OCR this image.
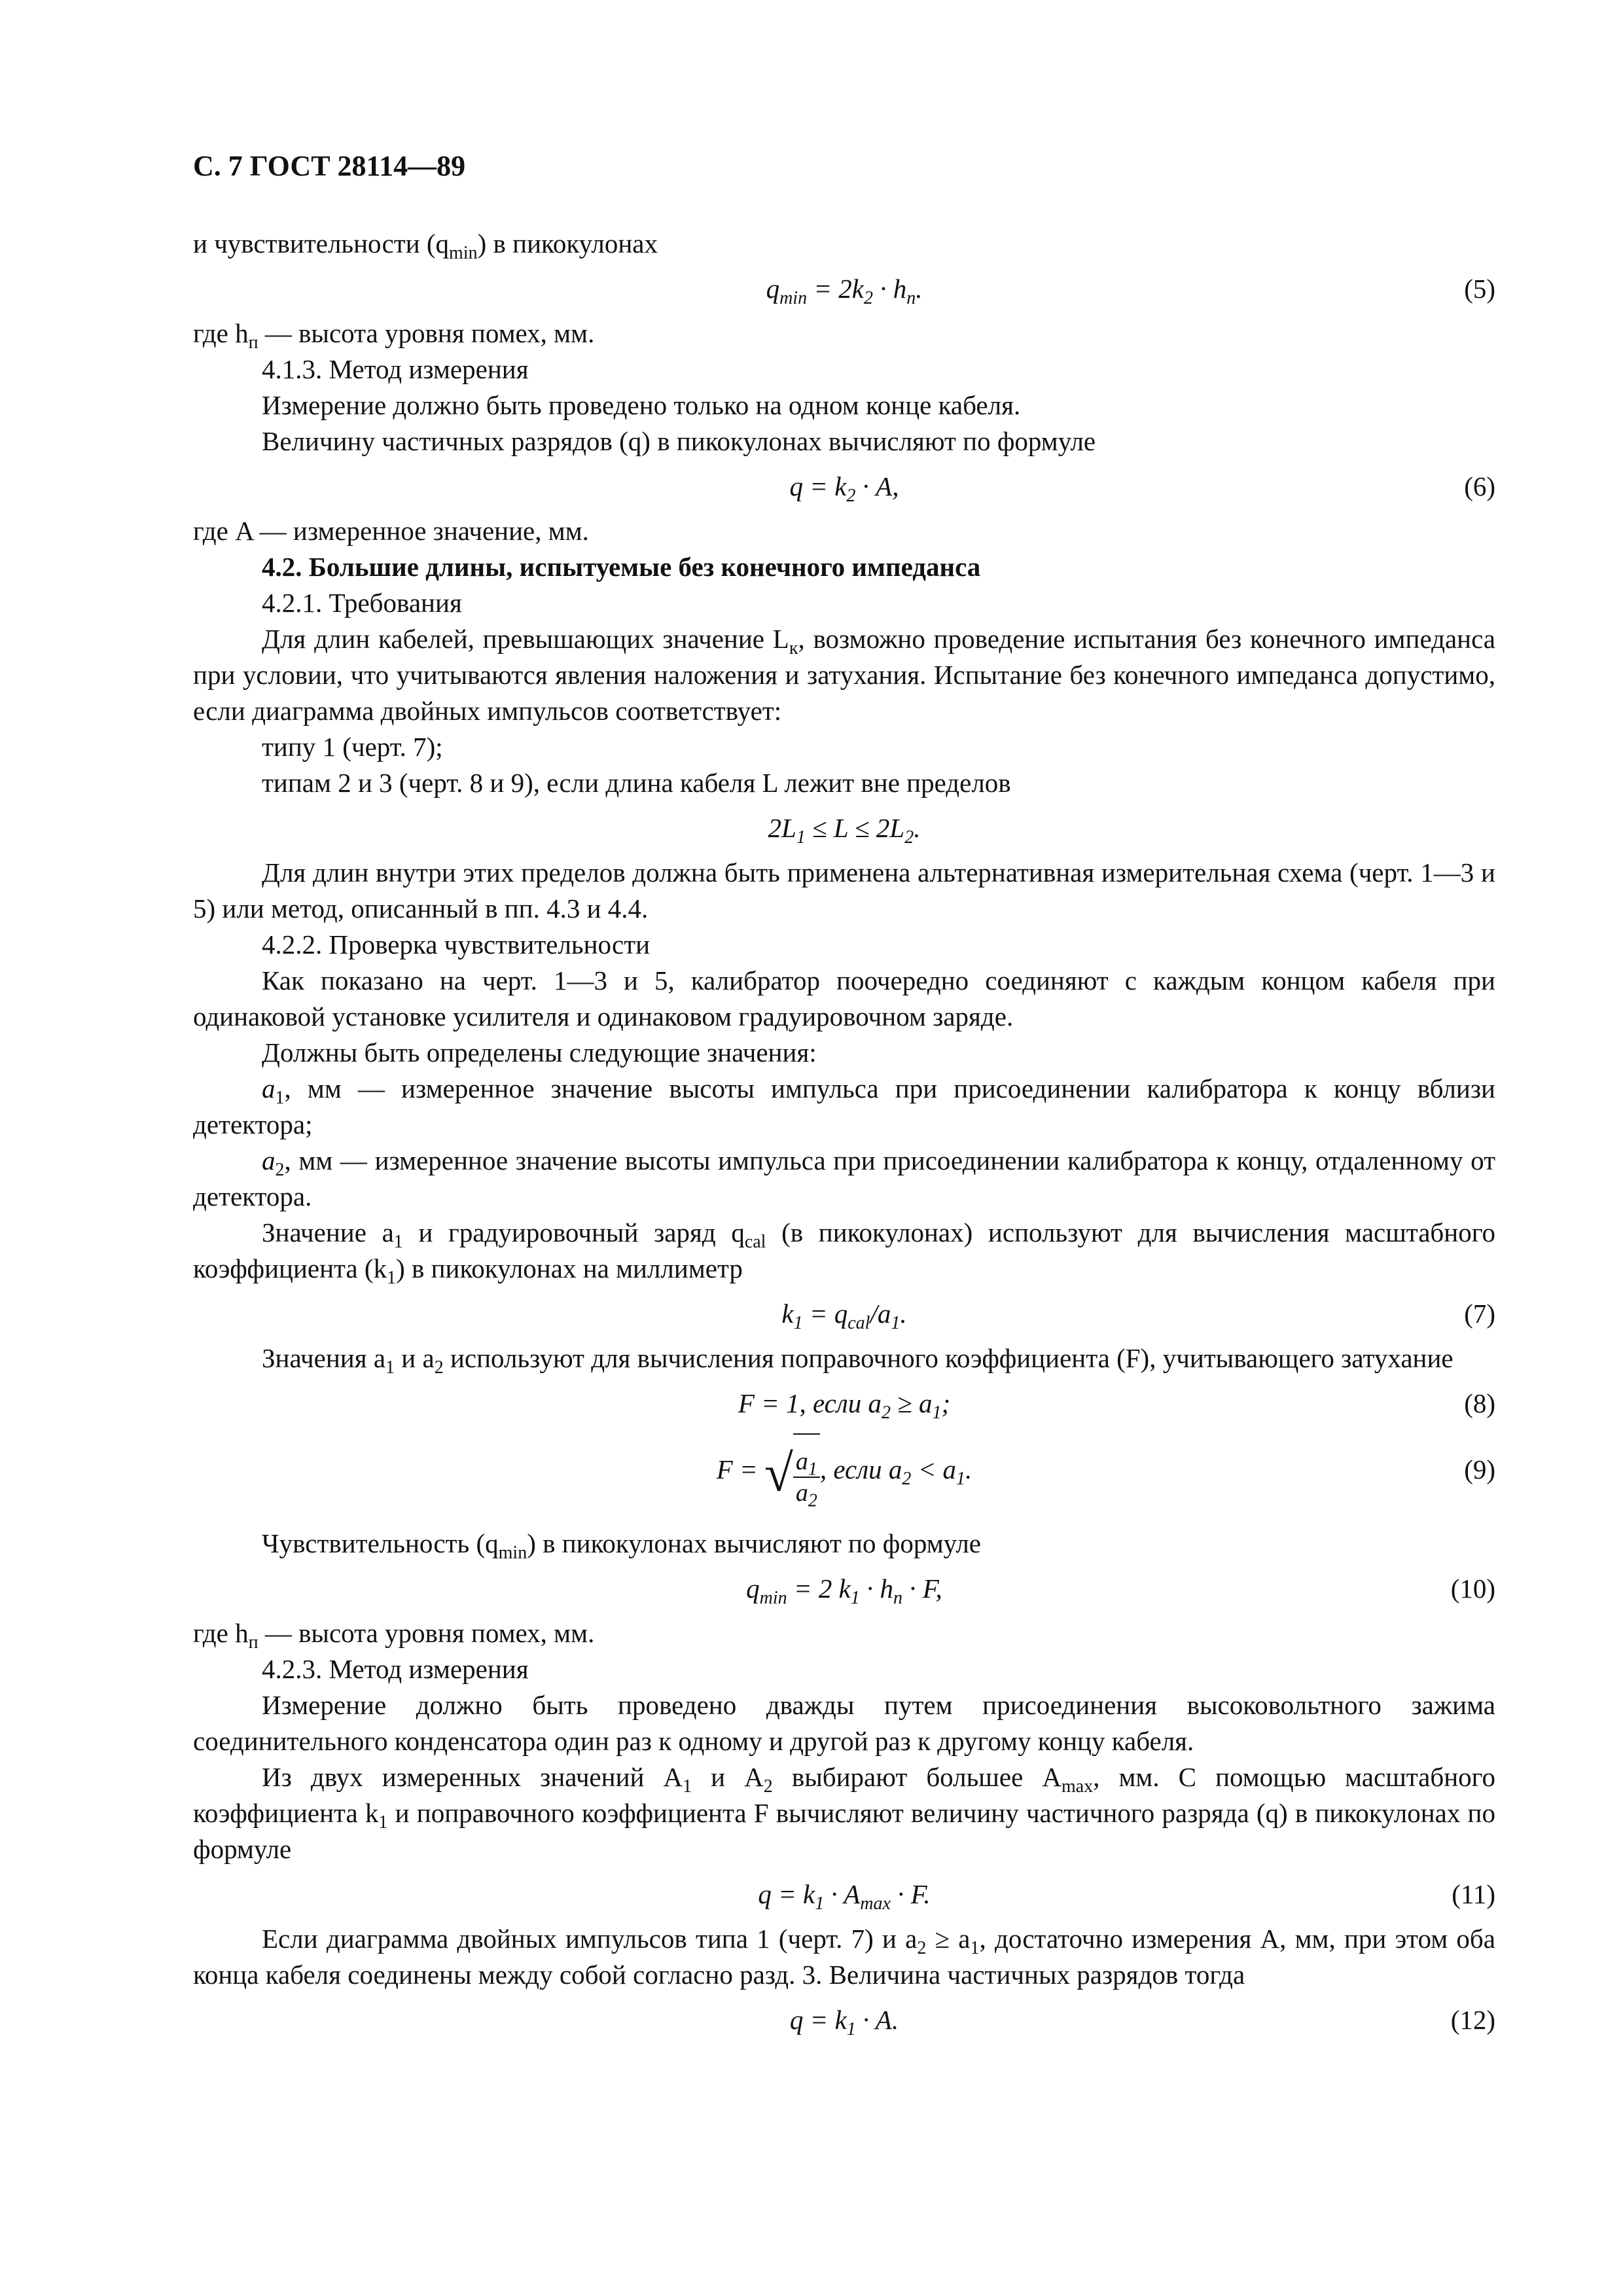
С. 7 ГОСТ 28114—89
и чувствительности $(q_{min})$ в пикокулонах
$q_{min} = 2k_2 \cdot h_п$.	(5)
где $h_п$ — высота уровня помех, мм.
4.1.3. Метод измерения
Измерение должно быть проведено только на одном конце кабеля.
Величину частичных разрядов (q) в пикокулонах вычисляют по формуле
$q = k_2 \cdot А$,	(6)
где A — измеренное значение, мм.
4.2. Большие длины, испытуемые без конечного импеданса
4.2.1. Требования
Для длин кабелей, превышающих значение $L_к$, возможно проведение испытания без конечного импеданса при условии, что учитываются явления наложения и затухания. Испытание без конечного импеданса допустимо, если диаграмма двойных импульсов соответствует:
типу 1 (черт. 7);
типам 2 и 3 (черт. 8 и 9), если длина кабеля L лежит вне пределов
$2L_1 \le L \le 2L_2$.
Для длин внутри этих пределов должна быть применена альтернативная измерительная схема (черт. 1—3 и 5) или метод, описанный в пп. 4.3 и 4.4.
4.2.2. Проверка чувствительности
Как показано на черт. 1—3 и 5, калибратор поочередно соединяют с каждым концом кабеля при одинаковой установке усилителя и одинаковом градуировочном заряде.
Должны быть определены следующие значения:
$a_1$, мм — измеренное значение высоты импульса при присоединении калибратора к концу вблизи детектора;
$a_2$, мм — измеренное значение высоты импульса при присоединении калибратора к концу, отдаленному от детектора.
Значение $a_1$ и градуировочный заряд $q_{cal}$ (в пикокулонах) используют для вычисления масштабного коэффициента $(k_1)$ в пикокулонах на миллиметр
$k_1 = q_{cal}/a_1$.	(7)
Значения $a_1$ и $a_2$ используют для вычисления поправочного коэффициента (F), учитывающего затухание
F = 1, если $a_2 \ge a_1$;	(8)
F = √ $\frac{a_1}{a_2}$ , если $a_2 < a_1$.	(9)
Чувствительность $(q_{min})$ в пикокулонах вычисляют по формуле
$q_{min} = 2$ $k_1 \cdot h_п \cdot F$,	(10)
где $h_п$ — высота уровня помех, мм.
4.2.3. Метод измерения
Измерение должно быть проведено дважды путем присоединения высоковольтного зажима соединительного конденсатора один раз к одному и другой раз к другому концу кабеля.
Из двух измеренных значений $A_1$ и $A_2$ выбирают большее $A_{max}$, мм. С помощью масштабного коэффициента $k_1$ и поправочного коэффициента F вычисляют величину частичного разряда (q) в пикокулонах по формуле
$q = k_1 \cdot A_{max} \cdot F$.	(11)
Если диаграмма двойных импульсов типа 1 (черт. 7) и $a_2 \ge a_1$, достаточно измерения A, мм, при этом оба конца кабеля соединены между собой согласно разд. 3. Величина частичных разрядов тогда
$q = k_1 \cdot A$.	(12)
